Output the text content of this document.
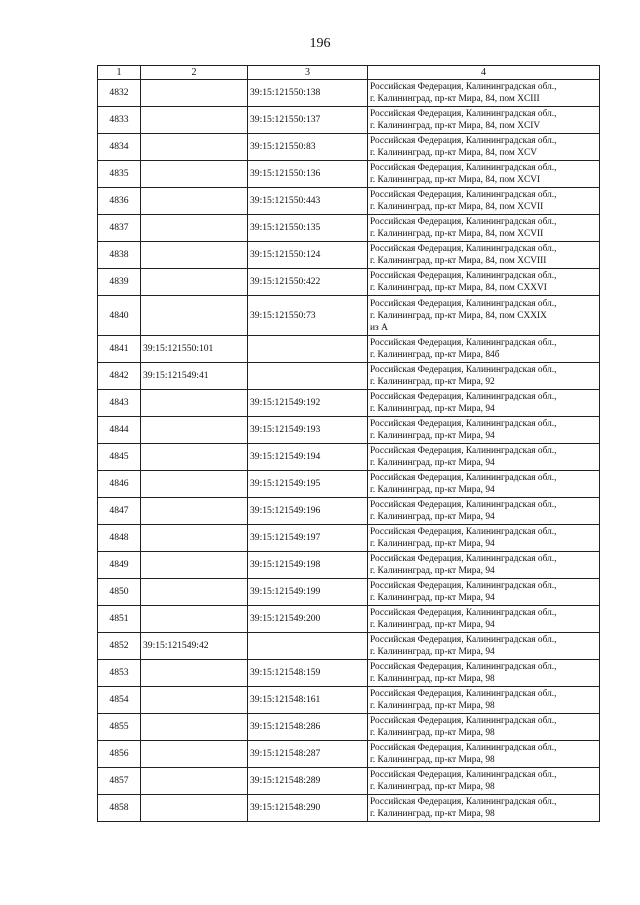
196
1	2	3	4
4832		39:15:121550:138	Российская Федерация, Калининградская обл.,
г. Калининград, пр-кт Мира, 84, пом XCIII

4833		39:15:121550:137	Российская Федерация, Калининградская обл.,
г. Калининград, пр-кт Мира, 84, пом XCIV

4834		39:15:121550:83	Российская Федерация, Калининградская обл.,
г. Калининград, пр-кт Мира, 84, пом XCV

4835		39:15:121550:136	Российская Федерация, Калининградская обл.,
г. Калининград, пр-кт Мира, 84, пом XCVI

4836		39:15:121550:443	Российская Федерация, Калининградская обл.,
г. Калининград, пр-кт Мира, 84, пом XCVII

4837		39:15:121550:135	Российская Федерация, Калининградская обл.,
г. Калининград, пр-кт Мира, 84, пом XCVII

4838		39:15:121550:124	Российская Федерация, Калининградская обл.,
г. Калининград, пр-кт Мира, 84, пом XCVIII

4839		39:15:121550:422	Российская Федерация, Калининградская обл.,
г. Калининград, пр-кт Мира, 84, пом CXXVI

4840		39:15:121550:73	Российская Федерация, Калининградская обл.,
г. Калининград, пр-кт Мира, 84, пом CXXIX
из А

4841	39:15:121550:101		Российская Федерация, Калининградская обл.,
г. Калининград, пр-кт Мира, 84б

4842	39:15:121549:41		Российская Федерация, Калининградская обл.,
г. Калининград, пр-кт Мира, 92

4843		39:15:121549:192	Российская Федерация, Калининградская обл.,
г. Калининград, пр-кт Мира, 94

4844		39:15:121549:193	Российская Федерация, Калининградская обл.,
г. Калининград, пр-кт Мира, 94

4845		39:15:121549:194	Российская Федерация, Калининградская обл.,
г. Калининград, пр-кт Мира, 94

4846		39:15:121549:195	Российская Федерация, Калининградская обл.,
г. Калининград, пр-кт Мира, 94

4847		39:15:121549:196	Российская Федерация, Калининградская обл.,
г. Калининград, пр-кт Мира, 94

4848		39:15:121549:197	Российская Федерация, Калининградская обл.,
г. Калининград, пр-кт Мира, 94

4849		39:15:121549:198	Российская Федерация, Калининградская обл.,
г. Калининград, пр-кт Мира, 94

4850		39:15:121549:199	Российская Федерация, Калининградская обл.,
г. Калининград, пр-кт Мира, 94

4851		39:15:121549:200	Российская Федерация, Калининградская обл.,
г. Калининград, пр-кт Мира, 94

4852	39:15:121549:42		Российская Федерация, Калининградская обл.,
г. Калининград, пр-кт Мира, 94

4853		39:15:121548:159	Российская Федерация, Калининградская обл.,
г. Калининград, пр-кт Мира, 98

4854		39:15:121548:161	Российская Федерация, Калининградская обл.,
г. Калининград, пр-кт Мира, 98

4855		39:15:121548:286	Российская Федерация, Калининградская обл.,
г. Калининград, пр-кт Мира, 98

4856		39:15:121548:287	Российская Федерация, Калининградская обл.,
г. Калининград, пр-кт Мира, 98

4857		39:15:121548:289	Российская Федерация, Калининградская обл.,
г. Калининград, пр-кт Мира, 98

4858		39:15:121548:290	Российская Федерация, Калининградская обл.,
г. Калининград, пр-кт Мира, 98
